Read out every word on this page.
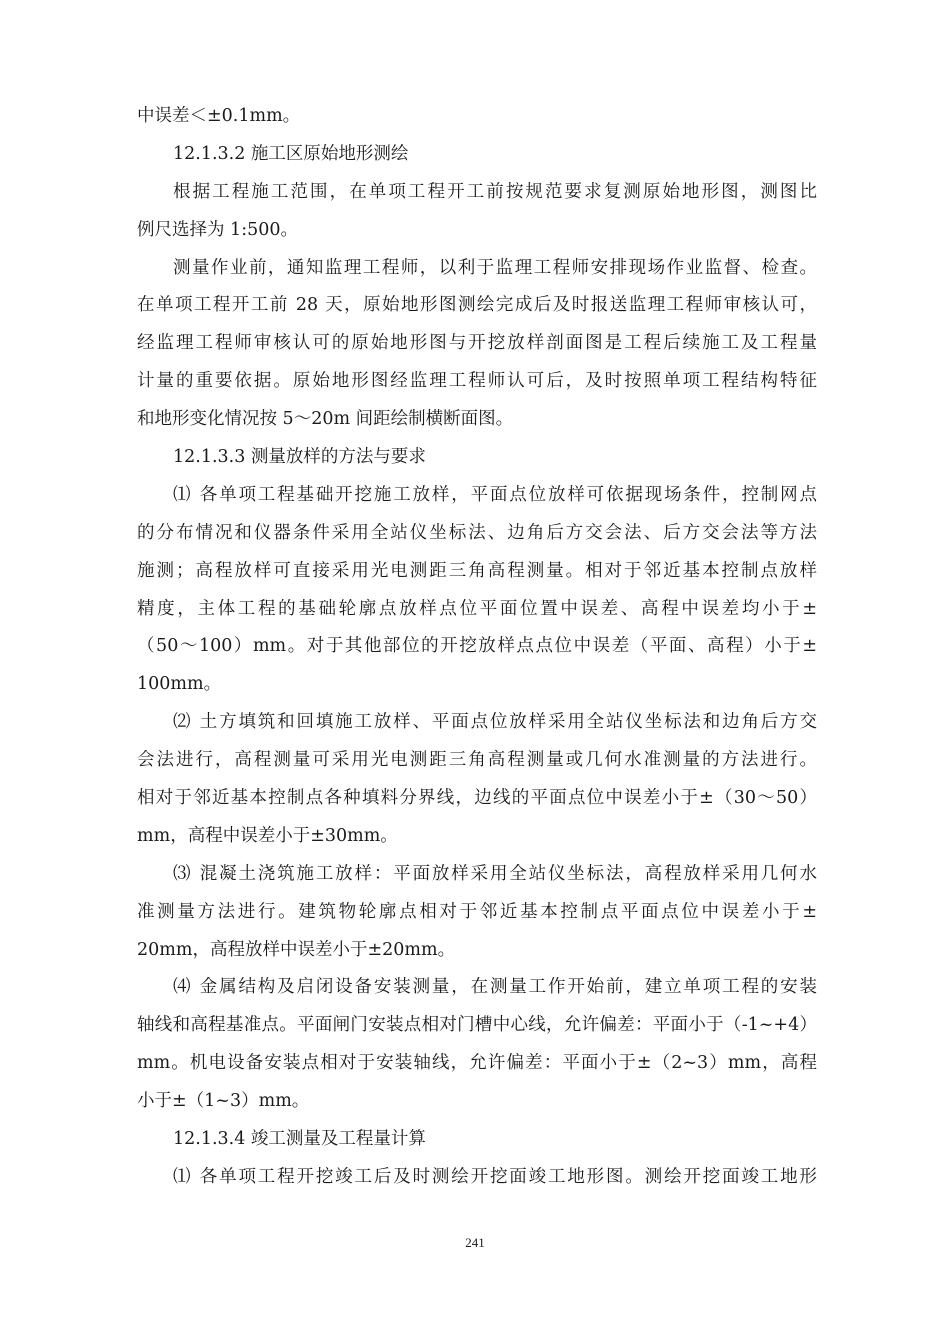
中误差＜±0.1mm。
12.1.3.2 施工区原始地形测绘
根据工程施工范围，在单项工程开工前按规范要求复测原始地形图，测图比
例尺选择为 1:500。
测量作业前，通知监理工程师，以利于监理工程师安排现场作业监督、检查。
在单项工程开工前 28 天，原始地形图测绘完成后及时报送监理工程师审核认可，
经监理工程师审核认可的原始地形图与开挖放样剖面图是工程后续施工及工程量
计量的重要依据。原始地形图经监理工程师认可后，及时按照单项工程结构特征
和地形变化情况按 5～20m 间距绘制横断面图。
12.1.3.3 测量放样的方法与要求
⑴ 各单项工程基础开挖施工放样，平面点位放样可依据现场条件，控制网点
的分布情况和仪器条件采用全站仪坐标法、边角后方交会法、后方交会法等方法
施测；高程放样可直接采用光电测距三角高程测量。相对于邻近基本控制点放样
精度，主体工程的基础轮廓点放样点位平面位置中误差、高程中误差均小于±
（50～100）mm。对于其他部位的开挖放样点点位中误差（平面、高程）小于±
100mm。
⑵ 土方填筑和回填施工放样、平面点位放样采用全站仪坐标法和边角后方交
会法进行，高程测量可采用光电测距三角高程测量或几何水准测量的方法进行。
相对于邻近基本控制点各种填料分界线，边线的平面点位中误差小于±（30～50）
mm，高程中误差小于±30mm。
⑶ 混凝土浇筑施工放样：平面放样采用全站仪坐标法，高程放样采用几何水
准测量方法进行。建筑物轮廓点相对于邻近基本控制点平面点位中误差小于±
20mm，高程放样中误差小于±20mm。
⑷ 金属结构及启闭设备安装测量，在测量工作开始前，建立单项工程的安装
轴线和高程基准点。平面闸门安装点相对门槽中心线，允许偏差：平面小于（-1~+4）
mm。机电设备安装点相对于安装轴线，允许偏差：平面小于±（2~3）mm，高程
小于±（1~3）mm。
12.1.3.4 竣工测量及工程量计算
⑴ 各单项工程开挖竣工后及时测绘开挖面竣工地形图。测绘开挖面竣工地形
241
